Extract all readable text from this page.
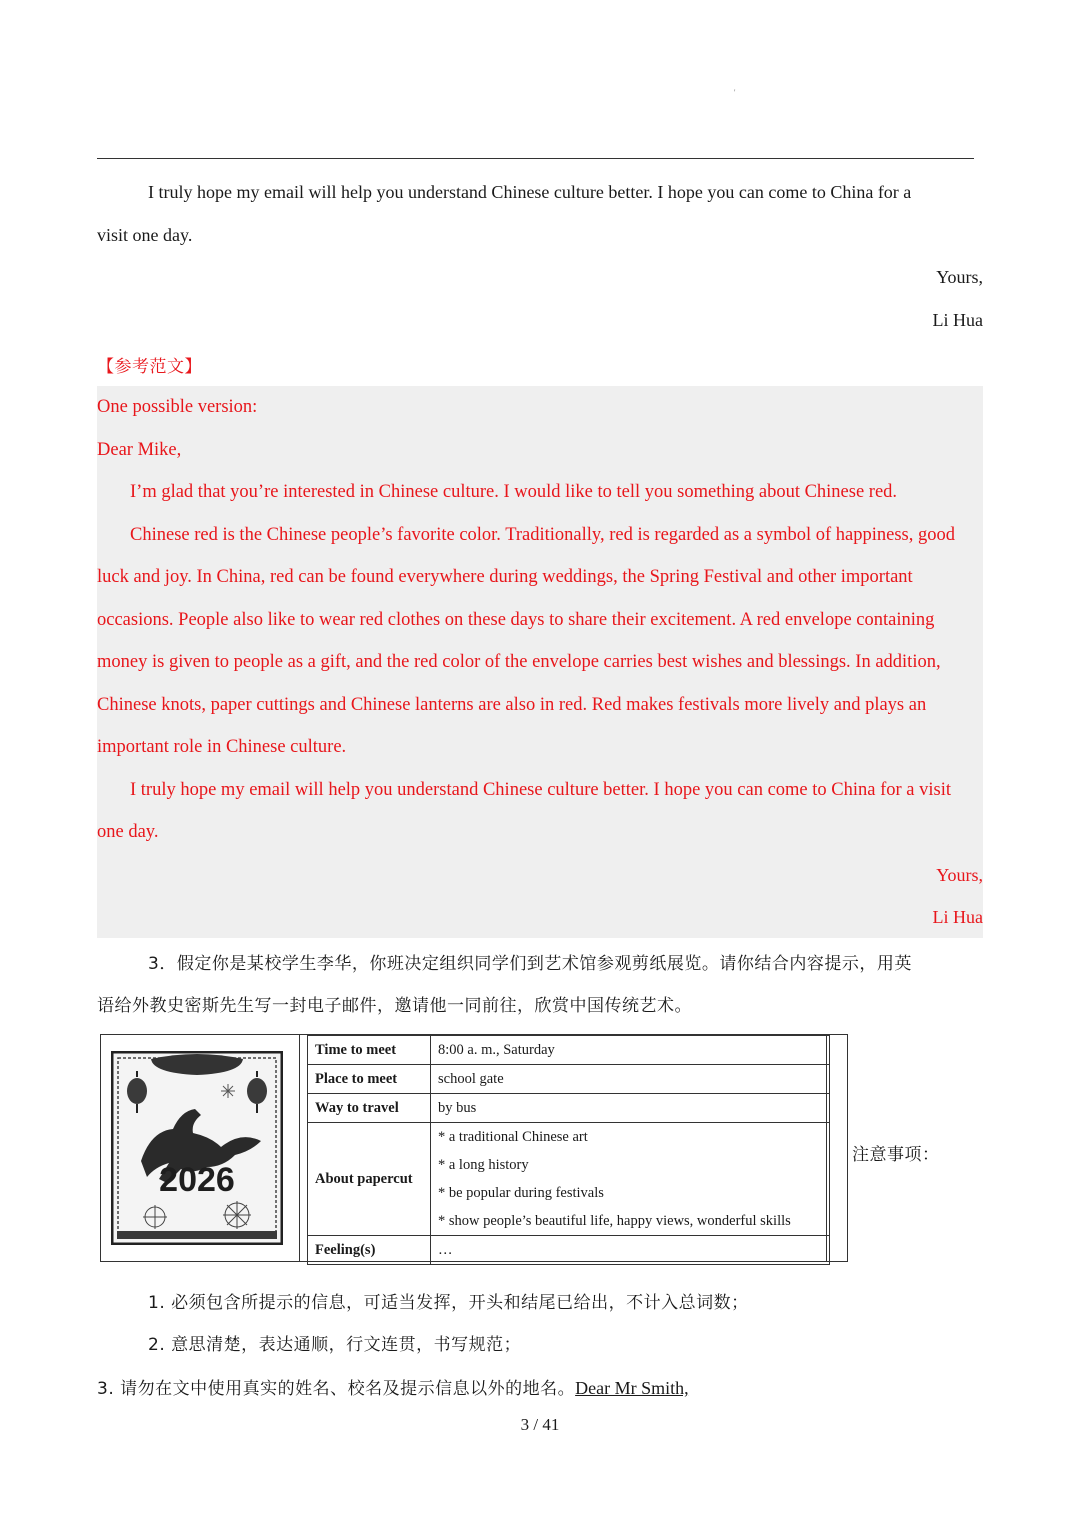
'
I truly hope my email will help you understand Chinese culture better. I hope you can come to China for a
visit one day.
Yours,
Li Hua
【参考范文】
One possible version:
Dear Mike,
I’m glad that you’re interested in Chinese culture. I would like to tell you something about Chinese red.
Chinese red is the Chinese people’s favorite color. Traditionally, red is regarded as a symbol of happiness, good
luck and joy. In China, red can be found everywhere during weddings, the Spring Festival and other important
occasions. People also like to wear red clothes on these days to share their excitement. A red envelope containing
money is given to people as a gift, and the red color of the envelope carries best wishes and blessings. In addition,
Chinese knots, paper cuttings and Chinese lanterns are also in red. Red makes festivals more lively and plays an
important role in Chinese culture.
I truly hope my email will help you understand Chinese culture better. I hope you can come to China for a visit
one day.
Yours,
Li Hua
3．假定你是某校学生李华，你班决定组织同学们到艺术馆参观剪纸展览。请你结合内容提示，用英
语给外教史密斯先生写一封电子邮件，邀请他一同前往，欣赏中国传统艺术。
2026
Time to meet	8:00 a. m., Saturday
Place to meet	school gate
Way to travel	by bus
About papercut	* a traditional Chinese art
* a long history
* be popular during festivals
* show people’s beautiful life, happy views, wonderful skills

Feeling(s)	…
注意事项：
1. 必须包含所提示的信息，可适当发挥，开头和结尾已给出，不计入总词数；
2. 意思清楚，表达通顺，行文连贯，书写规范；
3. 请勿在文中使用真实的姓名、校名及提示信息以外的地名。Dear Mr Smith,
3 / 41
